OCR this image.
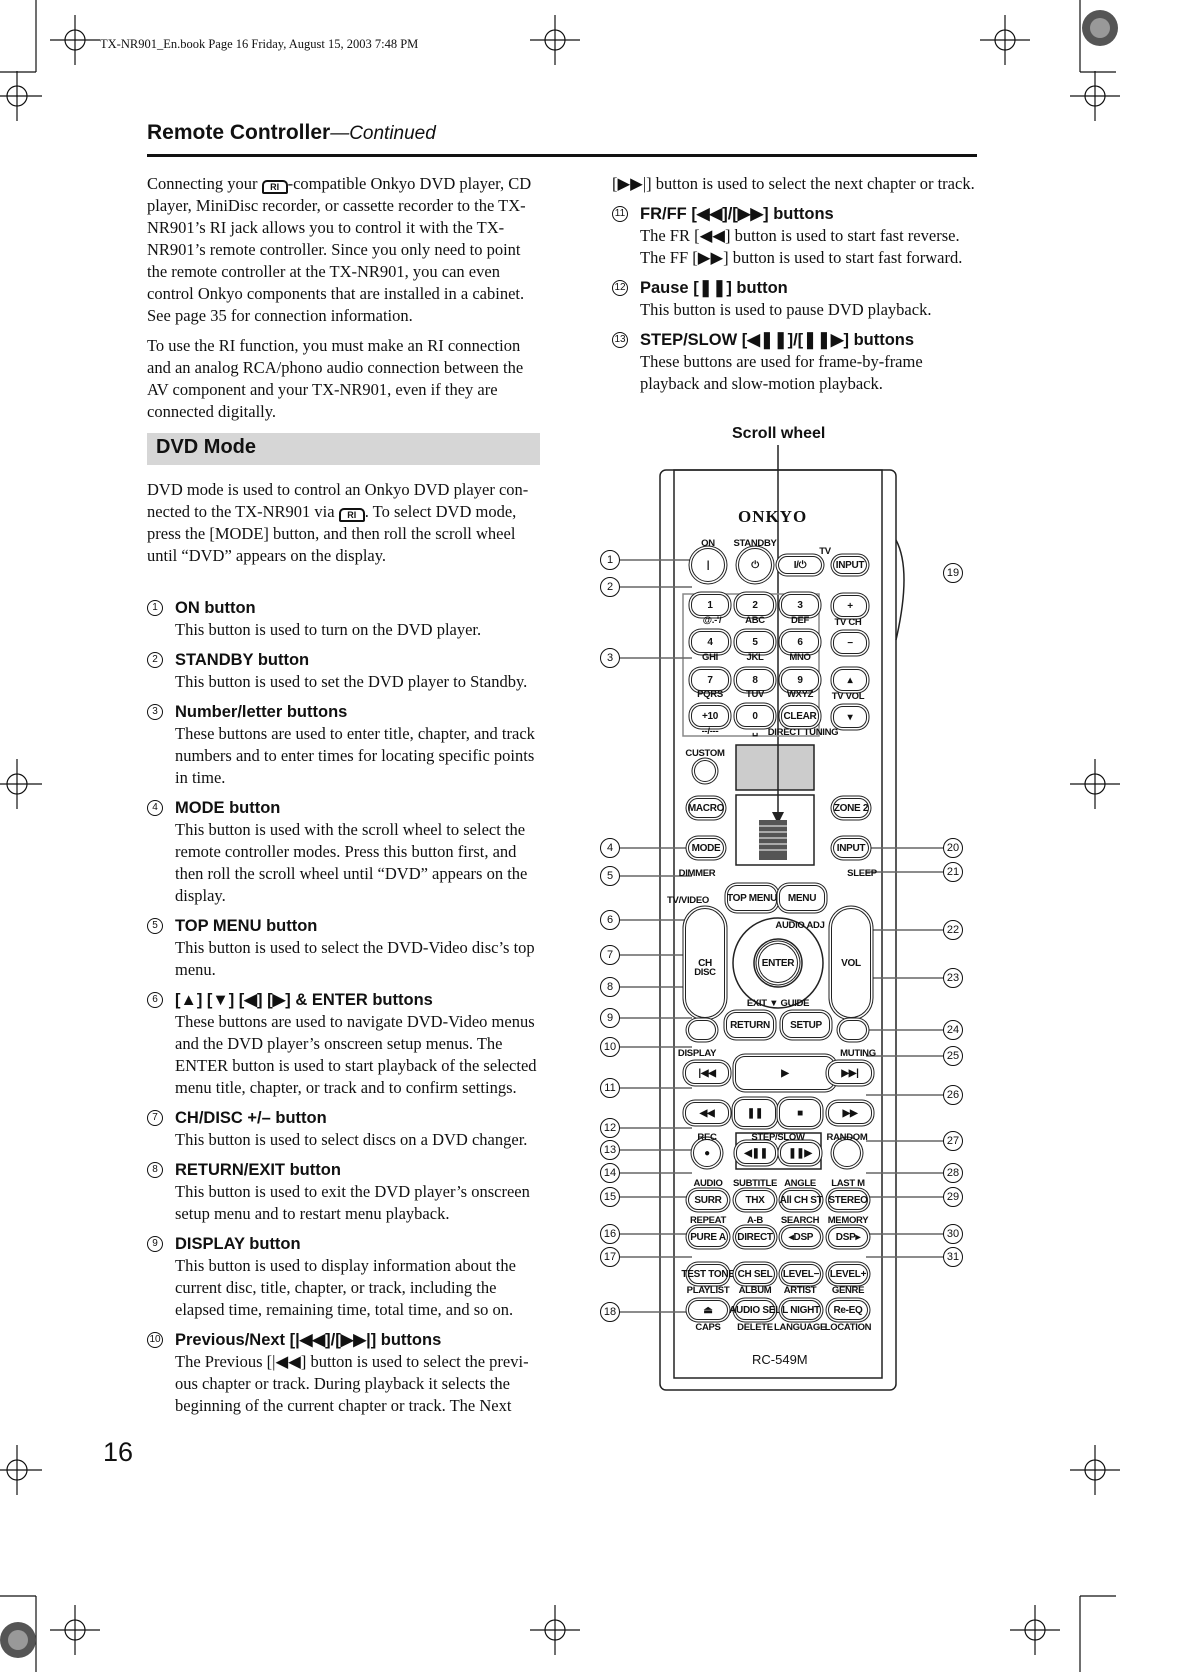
TX-NR901_En.book Page 16 Friday, August 15, 2003 7:48 PM
Remote Controller—Continued

Connecting your RI -compatible Onkyo DVD player, CD player, MiniDisc recorder, or cassette recorder to the TX-NR901’s RI jack allows you to control it with the TX-NR901’s remote controller. Since you only need to point the remote controller at the TX-NR901, you can even control Onkyo components that are installed in a cabinet. See page 35 for connection information.

To use the RI function, you must make an RI connection and an analog RCA/phono audio connection between the AV component and your TX-NR901, even if they are connected digitally.

DVD Mode

DVD mode is used to control an Onkyo DVD player con-nected to the TX-NR901 via RI . To select DVD mode, press the [MODE] button, and then roll the scroll wheel until “DVD” appears on the display.

1	ON button
This button is used to turn on the DVD player.
2	STANDBY button
This button is used to set the DVD player to Standby.
3	Number/letter buttons
These buttons are used to enter title, chapter, and track numbers and to enter times for locating specific points in time.
4	MODE button
This button is used with the scroll wheel to select the remote controller modes. Press this button first, and then roll the scroll wheel until “DVD” appears on the display.
5	TOP MENU button
This button is used to select the DVD-Video disc’s top menu.
6	[▲] [▼] [◀] [▶] & ENTER buttons
These buttons are used to navigate DVD-Video menus and the DVD player’s onscreen setup menus. The ENTER button is used to start playback of the selected menu title, chapter, or track and to confirm settings.
7	CH/DISC +/– button
This button is used to select discs on a DVD changer.
8	RETURN/EXIT button
This button is used to exit the DVD player’s onscreen setup menu and to restart menu playback.
9	DISPLAY button
This button is used to display information about the current disc, title, chapter, or track, including the elapsed time, remaining time, total time, and so on.
10 Previous/Next [|◀◀]/[▶▶|] buttons
The Previous [|◀◀] button is used to select the previ-ous chapter or track. During playback it selects the beginning of the current chapter or track. The Next

[▶▶|] button is used to select the next chapter or track.

11 FR/FF [◀◀]/[▶▶] buttons
The FR [◀◀] button is used to start fast reverse. The FF [▶▶] button is used to start fast forward.
12 Pause [❚❚] button
This button is used to pause DVD playback.
13 STEP/SLOW [◀❚❚]/[❚❚▶] buttons
These buttons are used for frame-by-frame playback and slow-motion playback.
16
Scroll wheel
ONKYO
RC-549M
|	⏻	I/⏻	INPUT
1	2	3	+
4	5	6	−
7	8	9	▴
+10	0	CLEAR	▾
MACRO	ZONE 2
MODE	INPUT
TOP MENU	MENU
CH	VOL
ENTER
RETURN	SETUP
|◀◀	▶	▶▶|
◀◀	❚❚	■	▶▶
●	◀❚❚	❚❚▶
SURR	THX	All CH ST STEREO
PURE A DIRECT	◂DSP	DSP▸
TEST TONE CH SEL LEVEL− LEVEL+
⏏	AUDIO SEL L NIGHT	Re-EQ
ON STANDBY
TV
@.-'/	ABC	DEF	TV CH
GHI	JKL	MNO
PQRS TUV WXYZ TV VOL
--/---	␣ DIRECT TUNING
CUSTOM
DIMMER	SLEEP
TV/VIDEO
AUDIO ADJ
DISC
EXIT ▼ GUIDE
DISPLAY	MUTING
REC	STEP/SLOW RANDOM
AUDIO SUBTITLE ANGLE LAST M
REPEAT A-B SEARCH MEMORY
PLAYLIST ALBUM ARTIST GENRE
CAPS DELETE LANGUAGE
LOCATION
1
2
3
4
5
6
7
8
9
10
11
12
13
14
15
16
17
18
19
20
21
22
23
24
25
26
27
28
29
30
31
